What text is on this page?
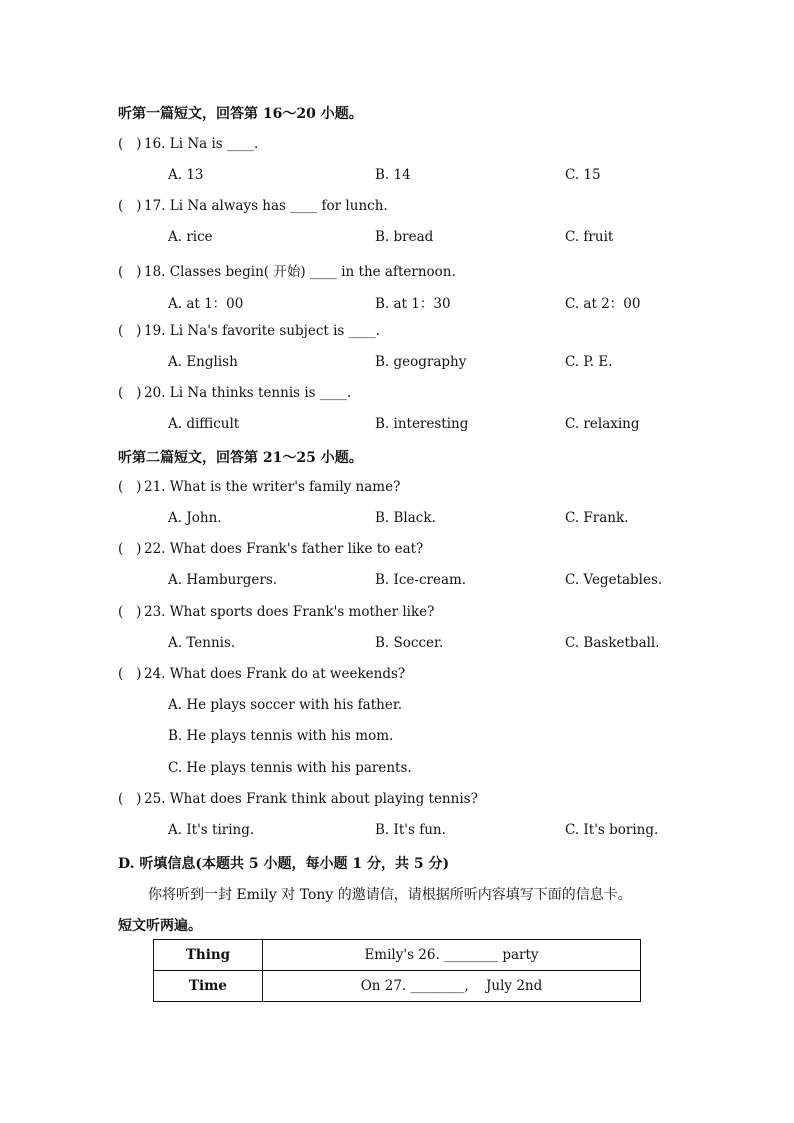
听第一篇短文，回答第 16～20 小题。
(   ) 16. Li Na is ____.
A. 13	B. 14	C. 15
(   ) 17. Li Na always has ____ for lunch.
A. rice	B. bread	C. fruit
(   ) 18. Classes begin( 开始) ____ in the afternoon.
A. at 1：00	B. at 1：30	C. at 2：00
(   ) 19. Li Na's favorite subject is ____.
A. English	B. geography	C. P. E.
(   ) 20. Li Na thinks tennis is ____.
A. difficult	B. interesting	C. relaxing
听第二篇短文，回答第 21～25 小题。
(   ) 21. What is the writer's family name?
A. John.	B. Black.	C. Frank.
(   ) 22. What does Frank's father like to eat?
A. Hamburgers.	B. Ice-cream.	C. Vegetables.
(   ) 23. What sports does Frank's mother like?
A. Tennis.	B. Soccer.	C. Basketball.
(   ) 24. What does Frank do at weekends?
A. He plays soccer with his father.
B. He plays tennis with his mom.
C. He plays tennis with his parents.
(   ) 25. What does Frank think about playing tennis?
A. It's tiring.	B. It's fun.	C. It's boring.
D. 听填信息(本题共 5 小题，每小题 1 分，共 5 分)
你将听到一封 Emily 对 Tony 的邀请信，请根据所听内容填写下面的信息卡。
短文听两遍。
Thing	Emily's 26. ________ party
Time	On 27. ________,    July 2nd
